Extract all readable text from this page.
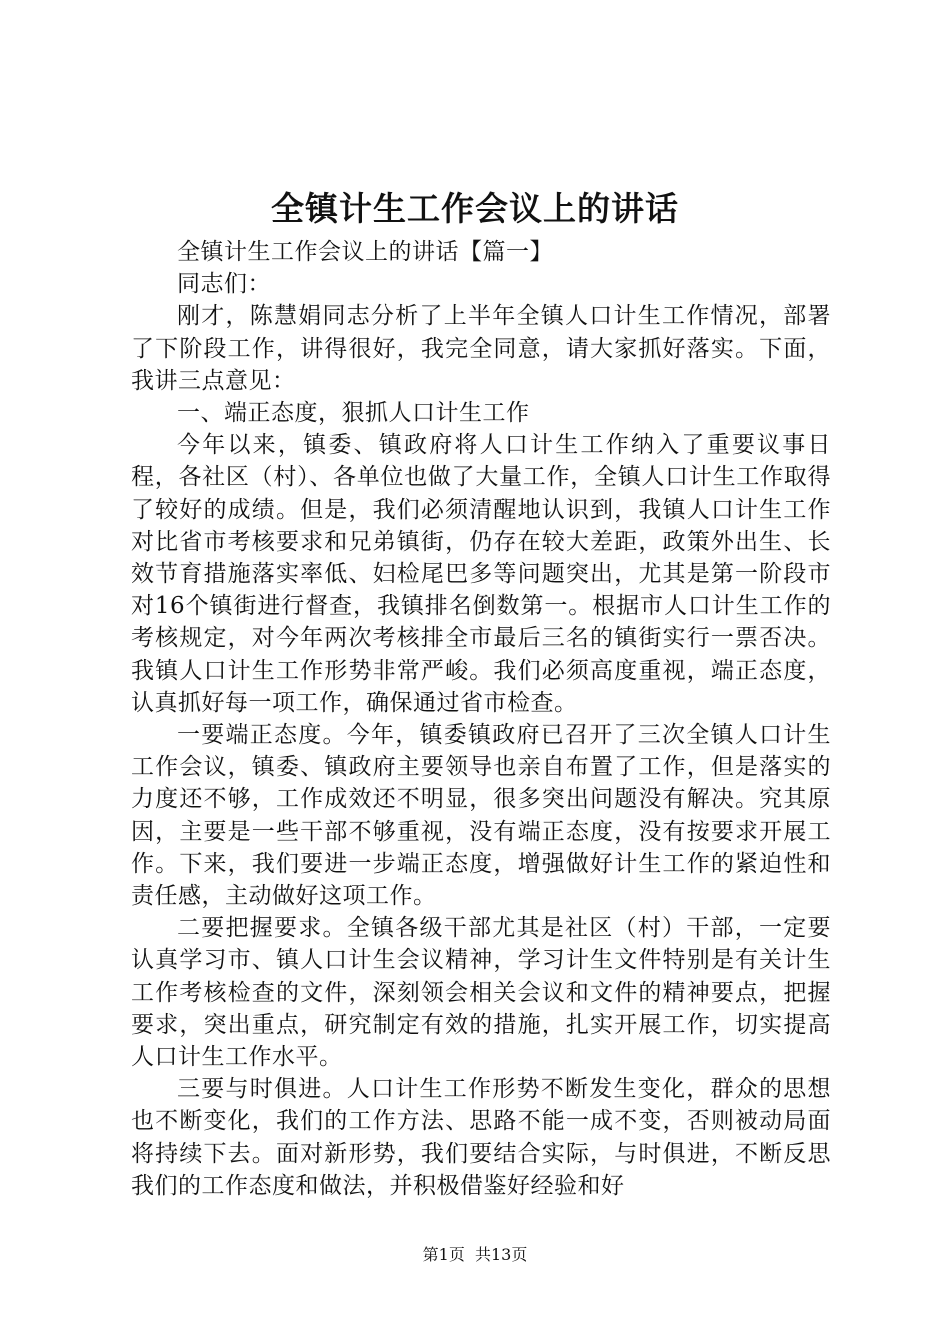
全镇计生工作会议上的讲话

全镇计生工作会议上的讲话【篇一】

同志们：

刚才，陈慧娟同志分析了上半年全镇人口计生工作情况，部署了下阶段工作，讲得很好，我完全同意，请大家抓好落实。下面，我讲三点意见：

一、端正态度，狠抓人口计生工作

今年以来，镇委、镇政府将人口计生工作纳入了重要议事日程，各社区（村）、各单位也做了大量工作，全镇人口计生工作取得了较好的成绩。但是，我们必须清醒地认识到，我镇人口计生工作对比省市考核要求和兄弟镇街，仍存在较大差距，政策外出生、长效节育措施落实率低、妇检尾巴多等问题突出，尤其是第一阶段市对16个镇街进行督查，我镇排名倒数第一。根据市人口计生工作的考核规定，对今年两次考核排全市最后三名的镇街实行一票否决。我镇人口计生工作形势非常严峻。我们必须高度重视，端正态度，认真抓好每一项工作，确保通过省市检查。

一要端正态度。今年，镇委镇政府已召开了三次全镇人口计生工作会议，镇委、镇政府主要领导也亲自布置了工作，但是落实的力度还不够，工作成效还不明显，很多突出问题没有解决。究其原因，主要是一些干部不够重视，没有端正态度，没有按要求开展工作。下来，我们要进一步端正态度，增强做好计生工作的紧迫性和责任感，主动做好这项工作。

二要把握要求。全镇各级干部尤其是社区（村）干部，一定要认真学习市、镇人口计生会议精神，学习计生文件特别是有关计生工作考核检查的文件，深刻领会相关会议和文件的精神要点，把握要求，突出重点，研究制定有效的措施，扎实开展工作，切实提高人口计生工作水平。

三要与时俱进。人口计生工作形势不断发生变化，群众的思想也不断变化，我们的工作方法、思路不能一成不变，否则被动局面将持续下去。面对新形势，我们要结合实际，与时俱进，不断反思我们的工作态度和做法，并积极借鉴好经验和好

第1页  共13页
